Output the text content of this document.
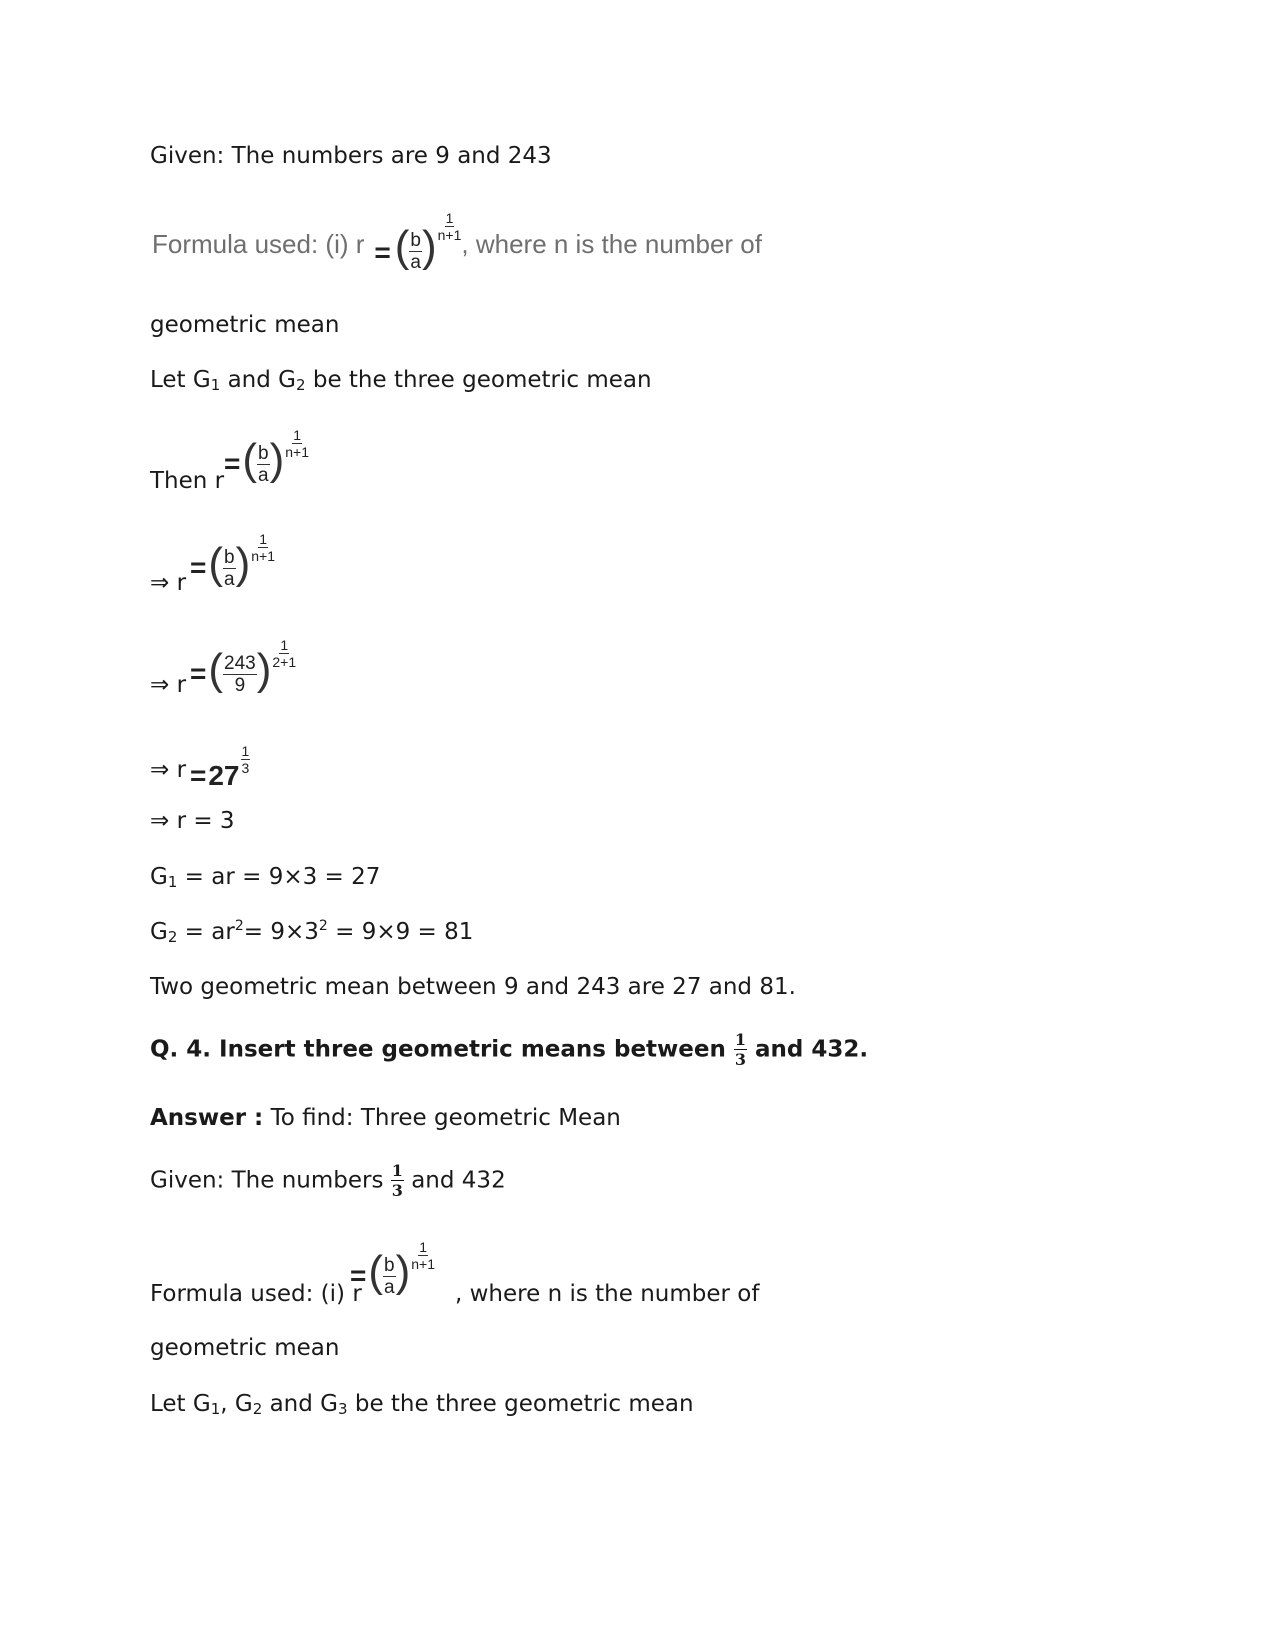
Given: The numbers are 9 and 243
Formula used: (i) r = ( $\frac{b}{a}$ ) $\frac{1}{n+1}$
, where n is the number of
geometric mean
Let $G_1$ and $G_2$ be the three geometric mean
Then r
= ( $\frac{b}{a}$ ) $\frac{1}{n+1}$
⇒ r = ( $\frac{b}{a}$ ) $\frac{1}{n+1}$
⇒ r = ( $\frac{243}{9}$ ) $\frac{1}{2+1}$
⇒ r = 27
$\frac{1}{3}$
⇒ r = 3
$G_1$ = ar = 9×3 = 27
$G_2 = ar^2= 9\times 3^2 = 9\times 9 = 81$
Two geometric mean between 9 and 243 are 27 and 81.
Q. 4. Insert three geometric means between $\frac{1}{3}$ and 432.
Answer : To find: Three geometric Mean
Given: The numbers $\frac{1}{3}$ and 432
Formula used: (i) r
= ( $\frac{b}{a}$ ) $\frac{1}{n+1}$
, where n is the number of
geometric mean
Let $G_1$, $G_2$ and $G_3$ be the three geometric mean
